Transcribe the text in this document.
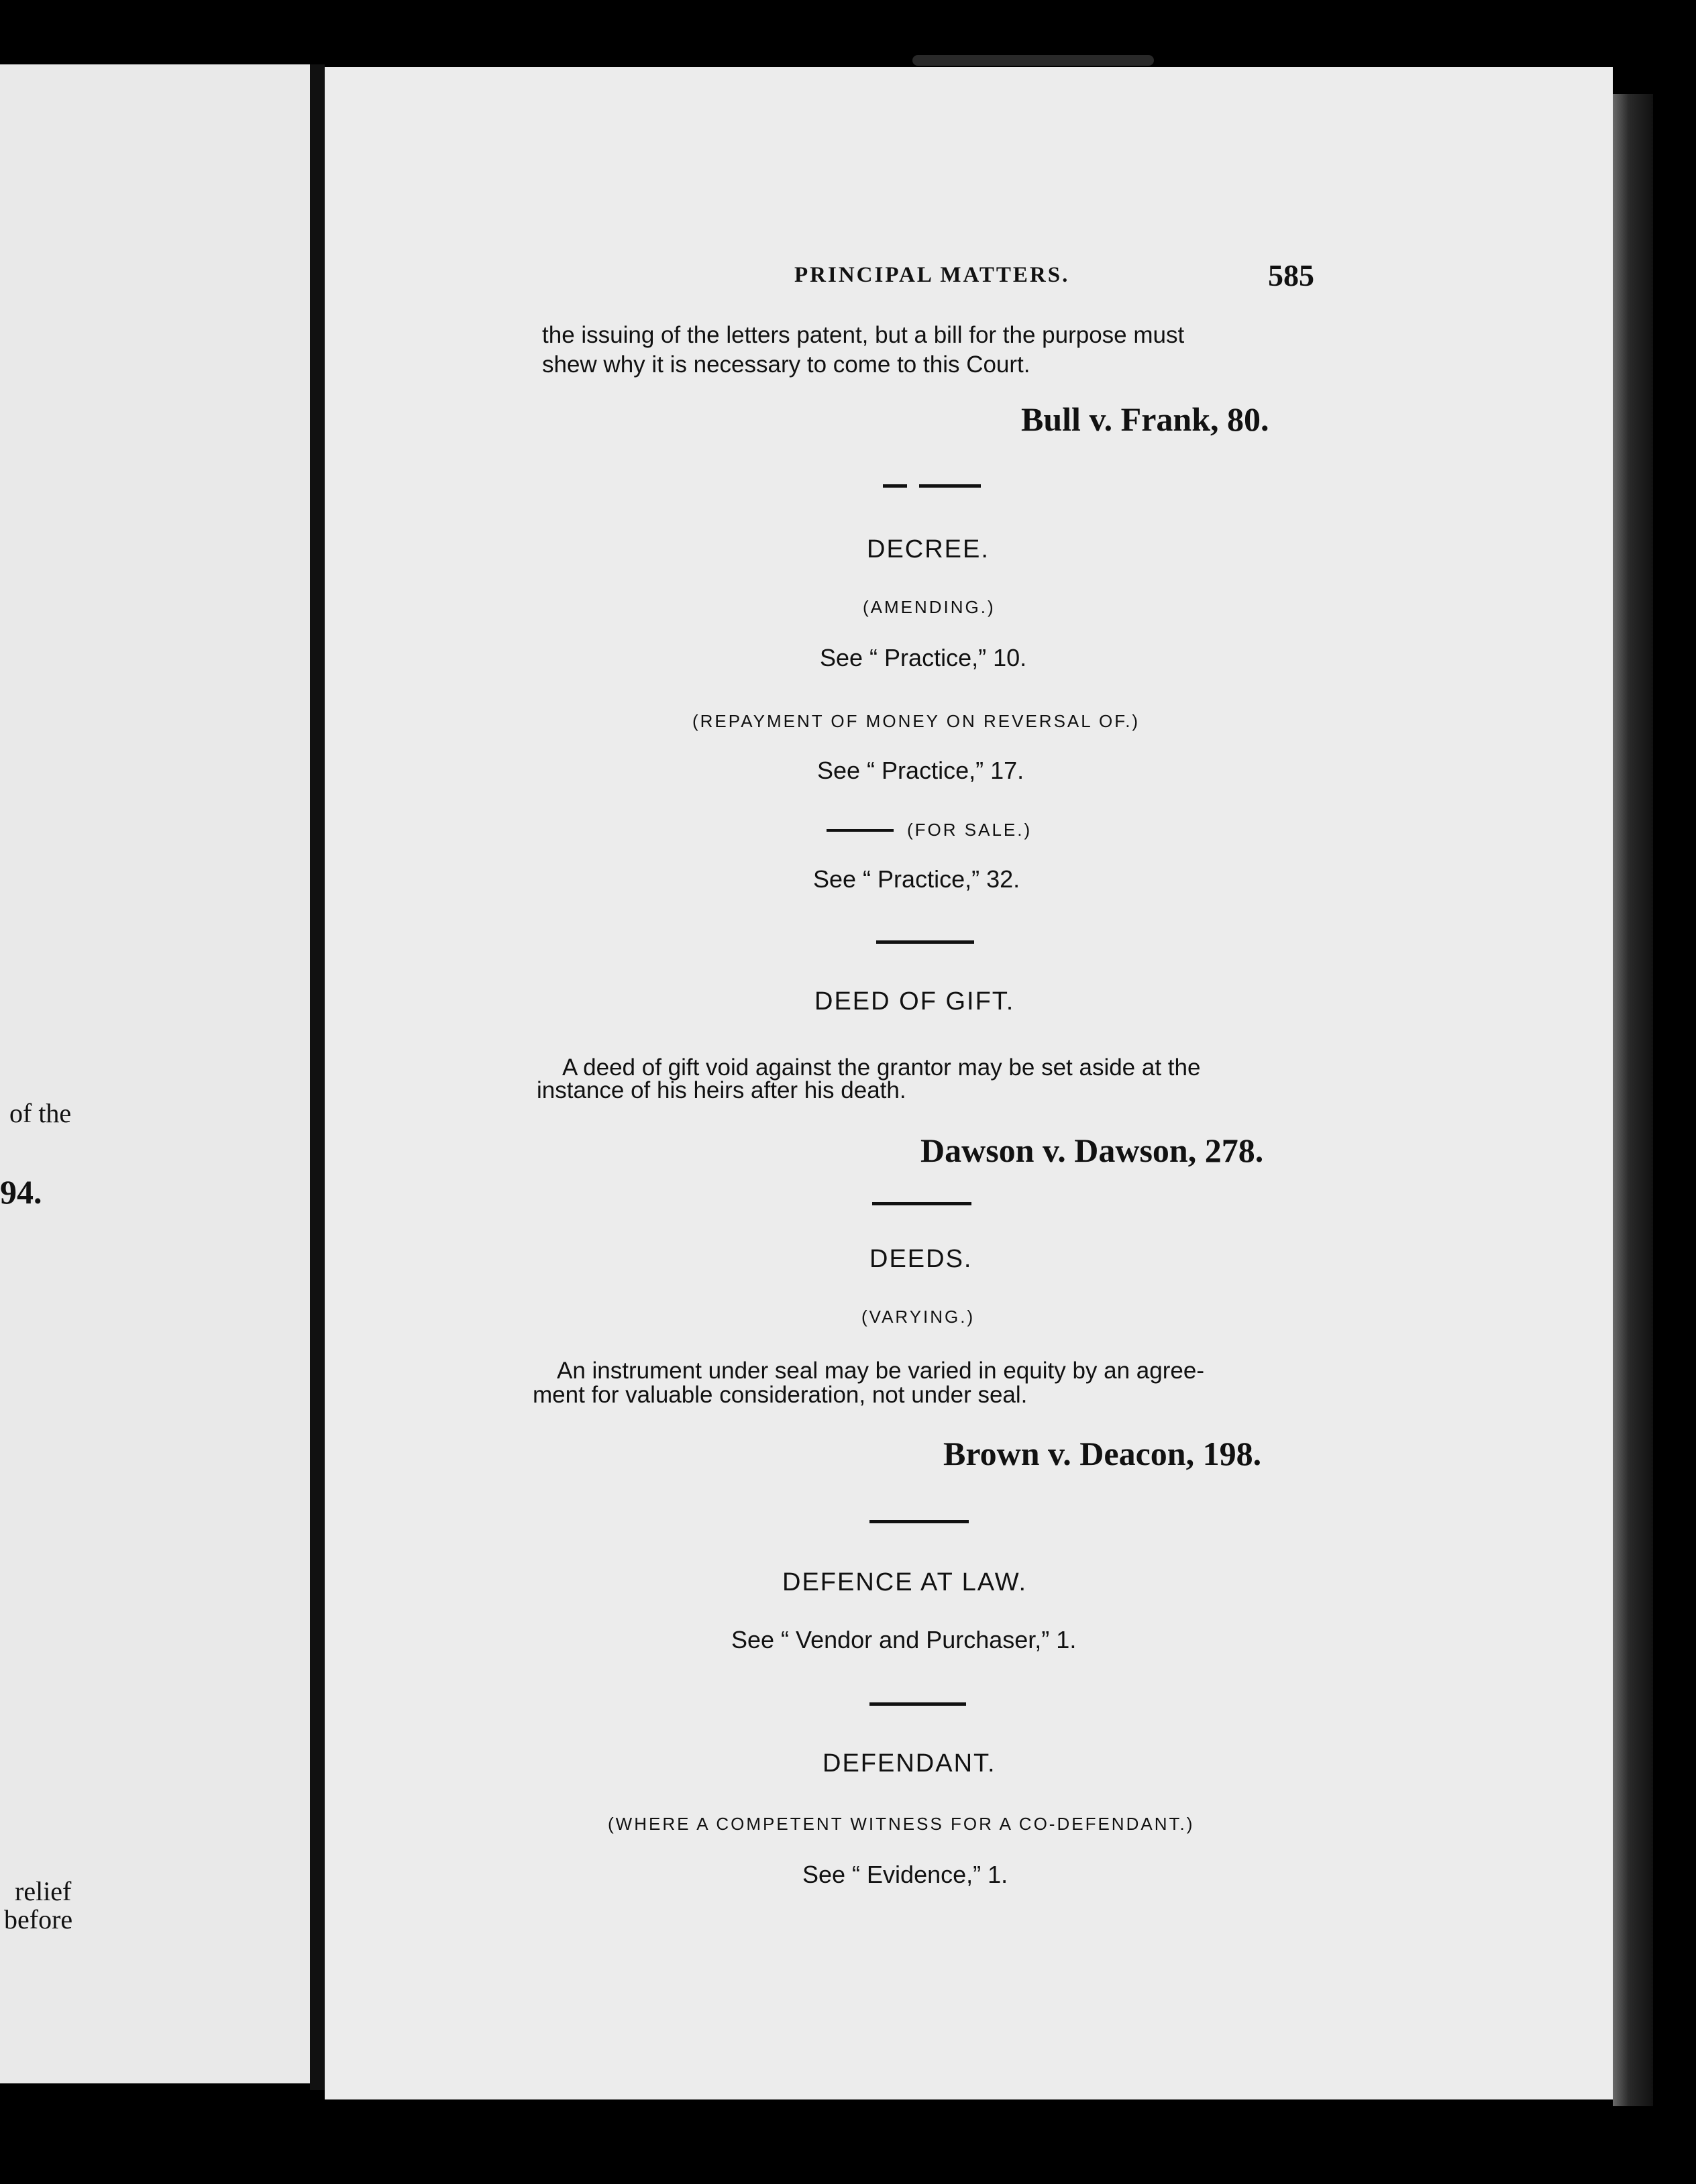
of the
94.
relief
before
PRINCIPAL MATTERS.	585
the issuing of the letters patent, but a bill for the purpose must
shew why it is necessary to come to this Court.
Bull v. Frank, 80.
DECREE.
(AMENDING.)
See “ Practice,” 10.
(REPAYMENT OF MONEY ON REVERSAL OF.)
See “ Practice,” 17.
(FOR SALE.)
See “ Practice,” 32.
DEED OF GIFT.
A deed of gift void against the grantor may be set aside at the
instance of his heirs after his death.
Dawson v. Dawson, 278.
DEEDS.
(VARYING.)
An instrument under seal may be varied in equity by an agree-
ment for valuable consideration, not under seal.
Brown v. Deacon, 198.
DEFENCE AT LAW.
See “ Vendor and Purchaser,” 1.
DEFENDANT.
(WHERE A COMPETENT WITNESS FOR A CO-DEFENDANT.)
See “ Evidence,” 1.
